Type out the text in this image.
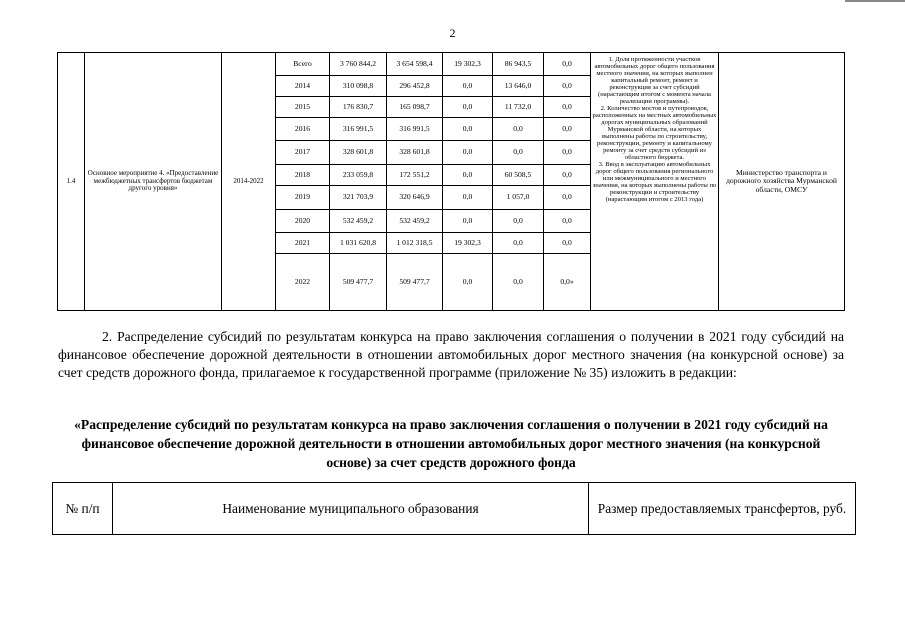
2
1.4	Основное мероприятие 4. «Предоставление межбюджетных трансфертов бюджетам другого уровня»	2014-2022	Всего	3 760 844,2	3 654 598,4	19 302,3	86 943,5	0,0	1. Доля протяженности участков автомобильных дорог общего пользования местного значения, на которых выполнен капитальный ремонт, ремонт и реконструкция за счет субсидий (нарастающим итогом с момента начала реализации программы).
2. Количество мостов и путепроводов, расположенных на местных автомобильных дорогах муниципальных образований Мурманской области, на которых выполнены работы по строительству, реконструкции, ремонту и капитальному ремонту за счет средств субсидий из областного бюджета.
3. Ввод в эксплуатацию автомобильных дорог общего пользования регионального или межмуниципального и местного значения, на которых выполнены работы по реконструкции и строительству (нарастающим итогом с 2013 года)	Министерство транспорта и дорожного хозяйства Мурманской области, ОМСУ
			2014	310 098,8	296 452,8	0,0	13 646,0	0,0		
			2015	176 830,7	165 098,7	0,0	11 732,0	0,0		
			2016	316 991,5	316 991,5	0,0	0,0	0,0		
			2017	328 601,8	328 601,8	0,0	0,0	0,0		
			2018	233 059,8	172 551,2	0,0	60 508,5	0,0		
			2019	321 703,9	320 646,9	0,0	1 057,0	0,0		
			2020	532 459,2	532 459,2	0,0	0,0	0,0		
			2021	1 031 620,8	1 012 318,5	19 302,3	0,0	0,0		
			2022	509 477,7	509 477,7	0,0	0,0	0,0»		
2. Распределение субсидий по результатам конкурса на право заключения соглашения о получении в 2021 году субсидий на финансовое обеспечение дорожной деятельности в отношении автомобильных дорог местного значения (на конкурсной основе) за счет средств дорожного фонда, прилагаемое к государственной программе (приложение № 35) изложить в редакции:
«Распределение субсидий по результатам конкурса на право заключения соглашения о получении в 2021 году субсидий на финансовое обеспечение дорожной деятельности в отношении автомобильных дорог местного значения (на конкурсной основе) за счет средств дорожного фонда
№ п/п	Наименование муниципального образования	Размер предоставляемых трансфертов, руб.
